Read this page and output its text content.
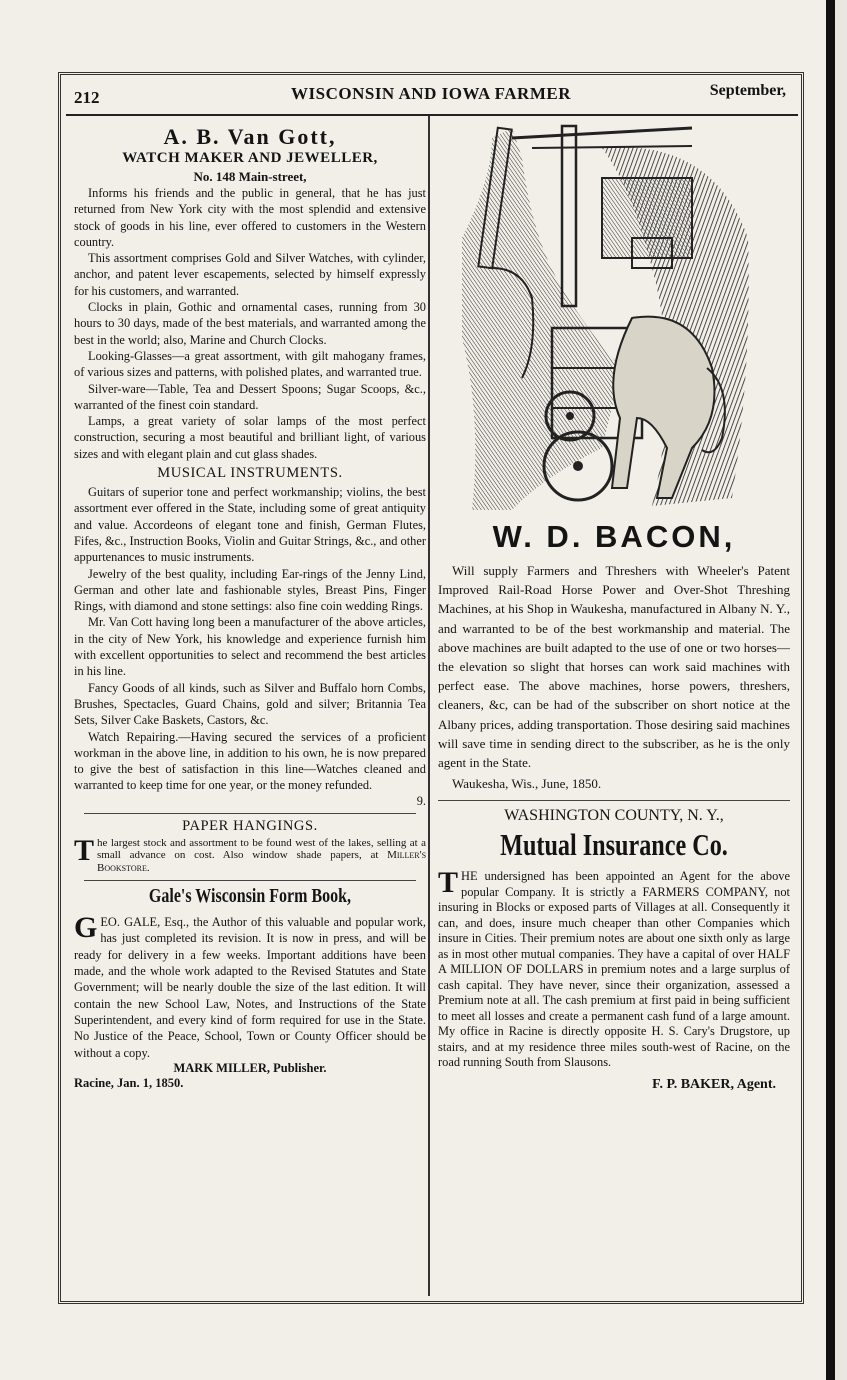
212	WISCONSIN AND IOWA FARMER	September,

A. B. Van Gott,

WATCH MAKER AND JEWELLER,

No. 148 Main-street,

Informs his friends and the public in general, that he has just returned from New York city with the most splendid and extensive stock of goods in his line, ever offered to customers in the Western country.

This assortment comprises Gold and Silver Watches, with cylinder, anchor, and patent lever escapements, selected by himself expressly for his customers, and warranted.

Clocks in plain, Gothic and ornamental cases, running from 30 hours to 30 days, made of the best materials, and warranted among the best in the world; also, Marine and Church Clocks.

Looking-Glasses—a great assortment, with gilt mahogany frames, of various sizes and patterns, with polished plates, and warranted true.

Silver-ware—Table, Tea and Dessert Spoons; Sugar Scoops, &c., warranted of the finest coin standard.

Lamps, a great variety of solar lamps of the most perfect construction, securing a most beautiful and brilliant light, of various sizes and with elegant plain and cut glass shades.

MUSICAL INSTRUMENTS.

Guitars of superior tone and perfect workmanship; violins, the best assortment ever offered in the State, including some of great antiquity and value. Accordeons of elegant tone and finish, German Flutes, Fifes, &c., Instruction Books, Violin and Guitar Strings, &c., and other appurtenances to music instruments.

Jewelry of the best quality, including Ear-rings of the Jenny Lind, German and other late and fashionable styles, Breast Pins, Finger Rings, with diamond and stone settings: also fine coin wedding Rings.

Mr. Van Cott having long been a manufacturer of the above articles, in the city of New York, his knowledge and experience furnish him with excellent opportunities to select and recommend the best articles in his line.

Fancy Goods of all kinds, such as Silver and Buffalo horn Combs, Brushes, Spectacles, Guard Chains, gold and silver; Britannia Tea Sets, Silver Cake Baskets, Castors, &c.

Watch Repairing.—Having secured the services of a proficient workman in the above line, in addition to his own, he is now prepared to give the best of satisfaction in this line—Watches cleaned and warranted to keep time for one year, or the money refunded.

9.

PAPER HANGINGS.

The largest stock and assortment to be found west of the lakes, selling at a small advance on cost. Also window shade papers, at Miller's Bookstore.

Gale's Wisconsin Form Book,

GEO. GALE, Esq., the Author of this valuable and popular work, has just completed its revision. It is now in press, and will be ready for delivery in a few weeks. Important additions have been made, and the whole work adapted to the Revised Statutes and State Government; will be nearly double the size of the last edition. It will contain the new School Law, Notes, and Instructions of the State Superintendent, and every kind of form required for use in the State. No Justice of the Peace, School, Town or County Officer should be without a copy.

MARK MILLER, Publisher.

Racine, Jan. 1, 1850.

W. D. BACON,

Will supply Farmers and Threshers with Wheeler's Patent Improved Rail-Road Horse Power and Over-Shot Threshing Machines, at his Shop in Waukesha, manufactured in Albany N. Y., and warranted to be of the best workmanship and material. The above machines are built adapted to the use of one or two horses—the elevation so slight that horses can work said machines with perfect ease. The above machines, horse powers, threshers, cleaners, &c, can be had of the subscriber on short notice at the Albany prices, adding transportation. Those desiring said machines will save time in sending direct to the subscriber, as he is the only agent in the State.

Waukesha, Wis., June, 1850.

WASHINGTON COUNTY, N. Y.,

Mutual Insurance Co.

THE undersigned has been appointed an Agent for the above popular Company. It is strictly a FARMERS COMPANY, not insuring in Blocks or exposed parts of Villages at all. Consequently it can, and does, insure much cheaper than other Companies which insure in Cities. Their premium notes are about one sixth only as large as in most other mutual companies. They have a capital of over HALF A MILLION OF DOLLARS in premium notes and a large surplus of cash capital. They have never, since their organization, assessed a Premium note at all. The cash premium at first paid in being sufficient to meet all losses and create a permanent cash fund of a large amount. My office in Racine is directly opposite H. S. Cary's Drugstore, up stairs, and at my residence three miles south-west of Racine, on the road running South from Slausons.

F. P. BAKER, Agent.
